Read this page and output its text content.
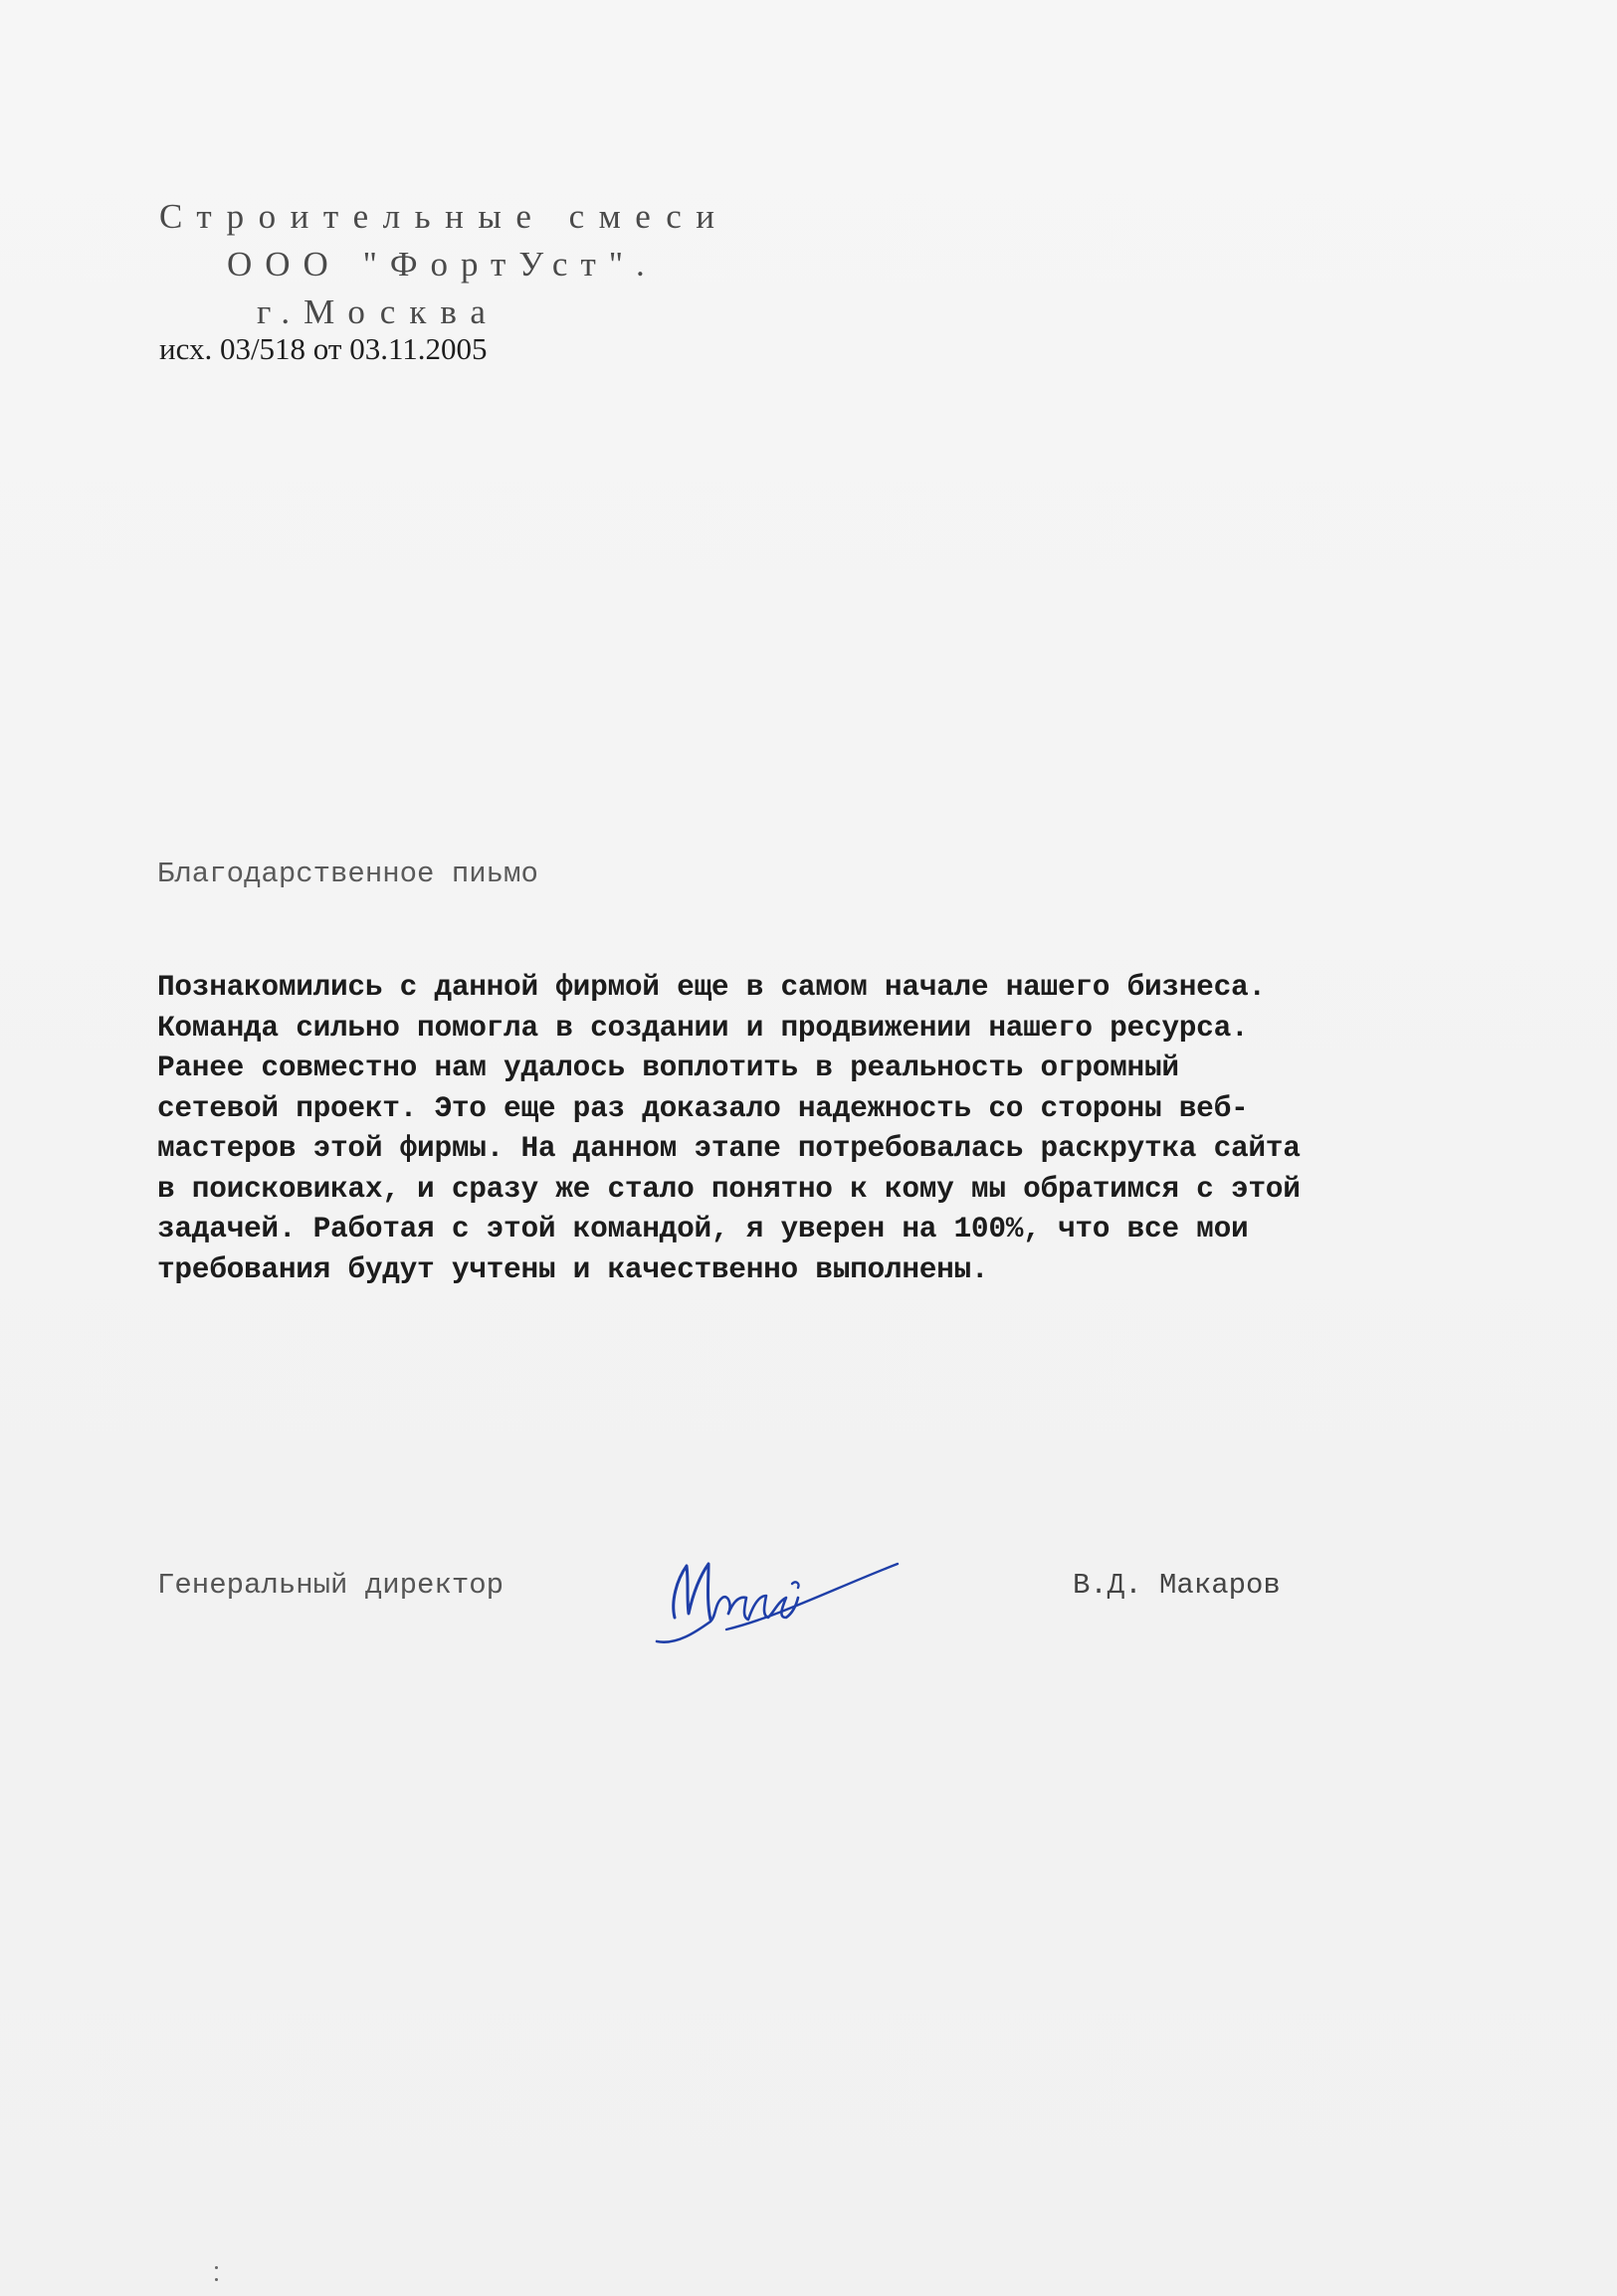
Строительные смеси
ООО "ФортУст".
г.Москва
исх. 03/518 от 03.11.2005
Благодарственное пиьмо

Познакомились с данной фирмой еще в самом начале нашего бизнеса.
Команда сильно помогла в создании и продвижении нашего ресурса.
Ранее совместно нам удалось воплотить в реальность огромный
сетевой проект. Это еще раз доказало надежность со стороны веб-
мастеров этой фирмы. На данном этапе потребовалась раскрутка сайта
в поисковиках, и сразу же стало понятно к кому мы обратимся с этой
задачей. Работая с этой командой, я уверен на 100%, что все мои
требования будут учтены и качественно выполнены.

Генеральный директор	В.Д. Макаров
